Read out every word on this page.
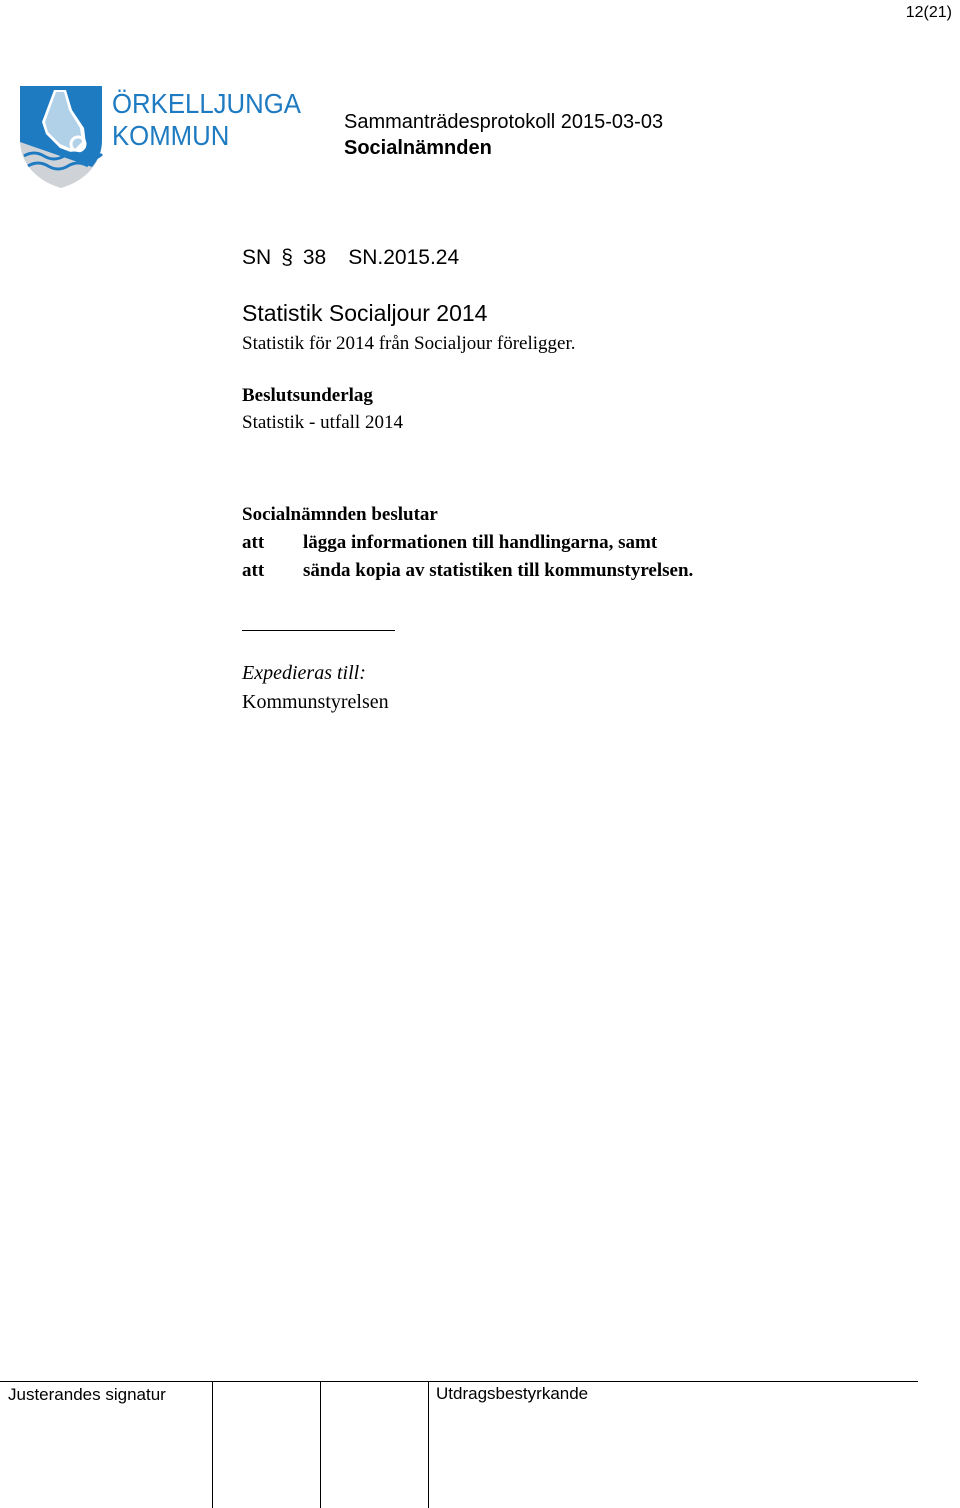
12(21)
ÖRKELLJUNGA
KOMMUN	Sammanträdesprotokoll 2015-03-03
Socialnämnden
SN § 38 SN.2015.24
Statistik Socialjour 2014
Statistik för 2014 från Socialjour föreligger.
Beslutsunderlag
Statistik - utfall 2014
Socialnämnden beslutar
att lägga informationen till handlingarna, samt
att sända kopia av statistiken till kommunstyrelsen.
Expedieras till:
Kommunstyrelsen
Justerandes signatur	Utdragsbestyrkande
